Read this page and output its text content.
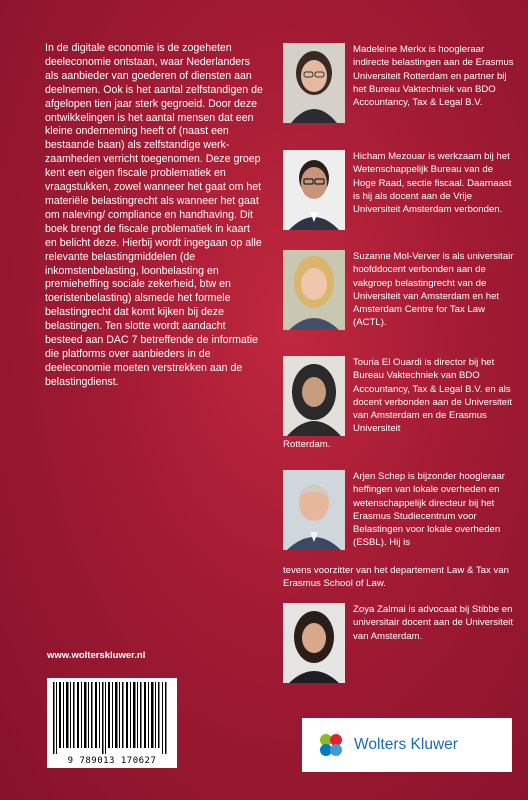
In de digitale economie is de zogeheten deeleconomie ontstaan, waar Nederlanders als aanbieder van goederen of diensten aan deelnemen. Ook is het aantal zelfstandigen de afgelopen tien jaar sterk gegroeid. Door deze ontwikkelingen is het aantal mensen dat een kleine onderneming heeft of (naast een bestaande baan) als zelfstandige werkzaamheden verricht toegenomen. Deze groep kent een eigen fiscale problematiek en vraagstukken, zowel wanneer het gaat om het materiële belastingrecht als wanneer het gaat om naleving/ compliance en handhaving. Dit boek brengt de fiscale problematiek in kaart en belicht deze. Hierbij wordt ingegaan op alle relevante belastingmiddelen (de inkomstenbelasting, loonbelasting en premieheffing sociale zekerheid, btw en toeristenbelasting) alsmede het formele belastingrecht dat komt kijken bij deze belastingen. Ten slotte wordt aandacht besteed aan DAC 7 betreffende de informatie die platforms over aanbieders in de deeleconomie moeten verstrekken aan de belastingdienst.
Madeleine Merkx is hoogleraar indirecte belastingen aan de Erasmus Universiteit Rotterdam en partner bij het Bureau Vaktechniek van BDO Accountancy, Tax & Legal B.V.
Hicham Mezouar is werkzaam bij het Wetenschappelijk Bureau van de Hoge Raad, sectie fiscaal. Daarnaast is hij als docent aan de Vrije Universiteit Amsterdam verbonden.
Suzanne Mol-Verver is als universitair hoofddocent verbonden aan de vakgroep belastingrecht van de Universiteit van Amsterdam en het Amsterdam Centre for Tax Law (ACTL).
Touria El Ouardi is director bij het Bureau Vaktechniek van BDO Accountancy, Tax & Legal B.V. en als docent verbonden aan de Universiteit van Amsterdam en de Erasmus Universiteit
Rotterdam.
Arjen Schep is bijzonder hoogleraar heffingen van lokale overheden en wetenschappelijk directeur bij het Erasmus Studiecentrum voor Belastingen voor lokale overheden (ESBL). Hij is
tevens voorzitter van het departement Law & Tax van Erasmus School of Law.
Zoya Zalmai is advocaat bij Stibbe en universitair docent aan de Universiteit van Amsterdam.
www.wolterskluwer.nl
9 789013 170627
Wolters Kluwer
